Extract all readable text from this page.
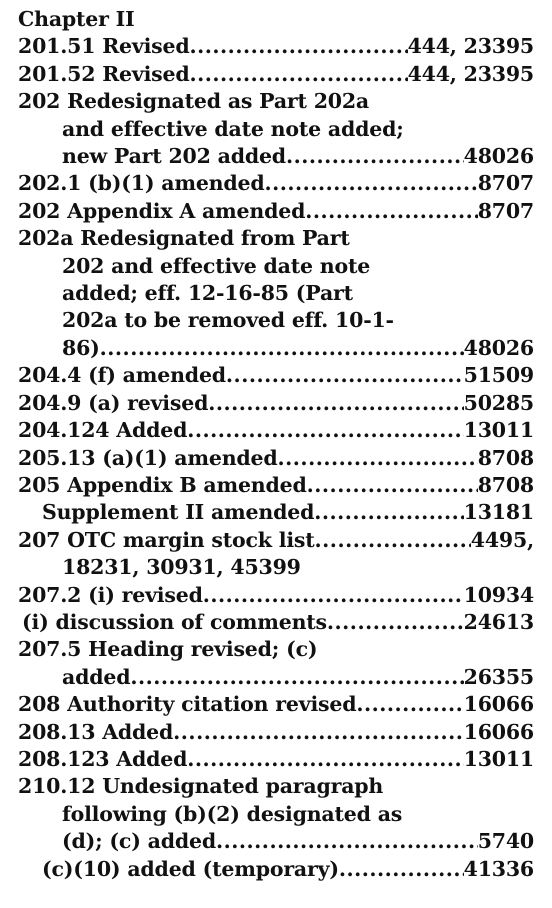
Chapter II
201.51 Revised .....	444, 23395
201.52 Revised .....	444, 23395
202 Redesignated as Part 202a
and effective date note added;
new Part 202 added .....	48026
202.1 (b)(1) amended .....	8707
202 Appendix A amended .....	8707
202a Redesignated from Part
202 and effective date note
added; eff. 12-16-85 (Part
202a to be removed eff. 10-1-
86) .....	48026
204.4 (f) amended .....	51509
204.9 (a) revised .....	50285
204.124 Added .....	13011
205.13 (a)(1) amended .....	8708
205 Appendix B amended .....	8708
Supplement II amended .....	13181
207 OTC margin stock list .....	4495,
18231, 30931, 45399
207.2 (i) revised .....	10934
(i) discussion of comments .....	24613
207.5 Heading revised; (c)
added .....	26355
208 Authority citation revised .....	16066
208.13 Added .....	16066
208.123 Added .....	13011
210.12 Undesignated paragraph
following (b)(2) designated as
(d); (c) added .....	5740
(c)(10) added (temporary) .....	41336
